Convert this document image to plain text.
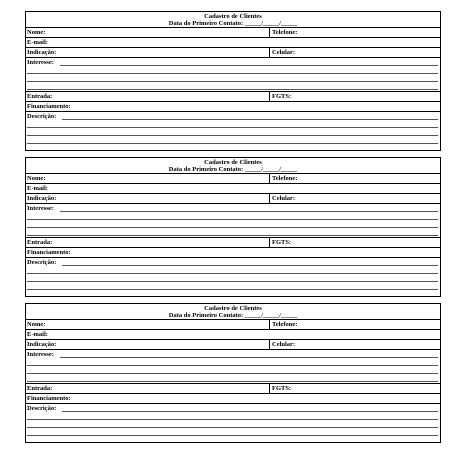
Cadastro de Clientes
Data do Primeiro Contato: _____/_____/_____
Nome:	Telefone:
E-mail:
Indicação:	Celular:
Interesse:
Entrada:	FGTS:
Financiamento:
Descrição:
Cadastro de Clientes
Data do Primeiro Contato: _____/_____/_____
Nome:	Telefone:
E-mail:
Indicação:	Celular:
Interesse:
Entrada:	FGTS:
Financiamento:
Descrição:
Cadastro de Clientes
Data do Primeiro Contato: _____/_____/_____
Nome:	Telefone:
E-mail:
Indicação:	Celular:
Interesse:
Entrada:	FGTS:
Financiamento:
Descrição:
